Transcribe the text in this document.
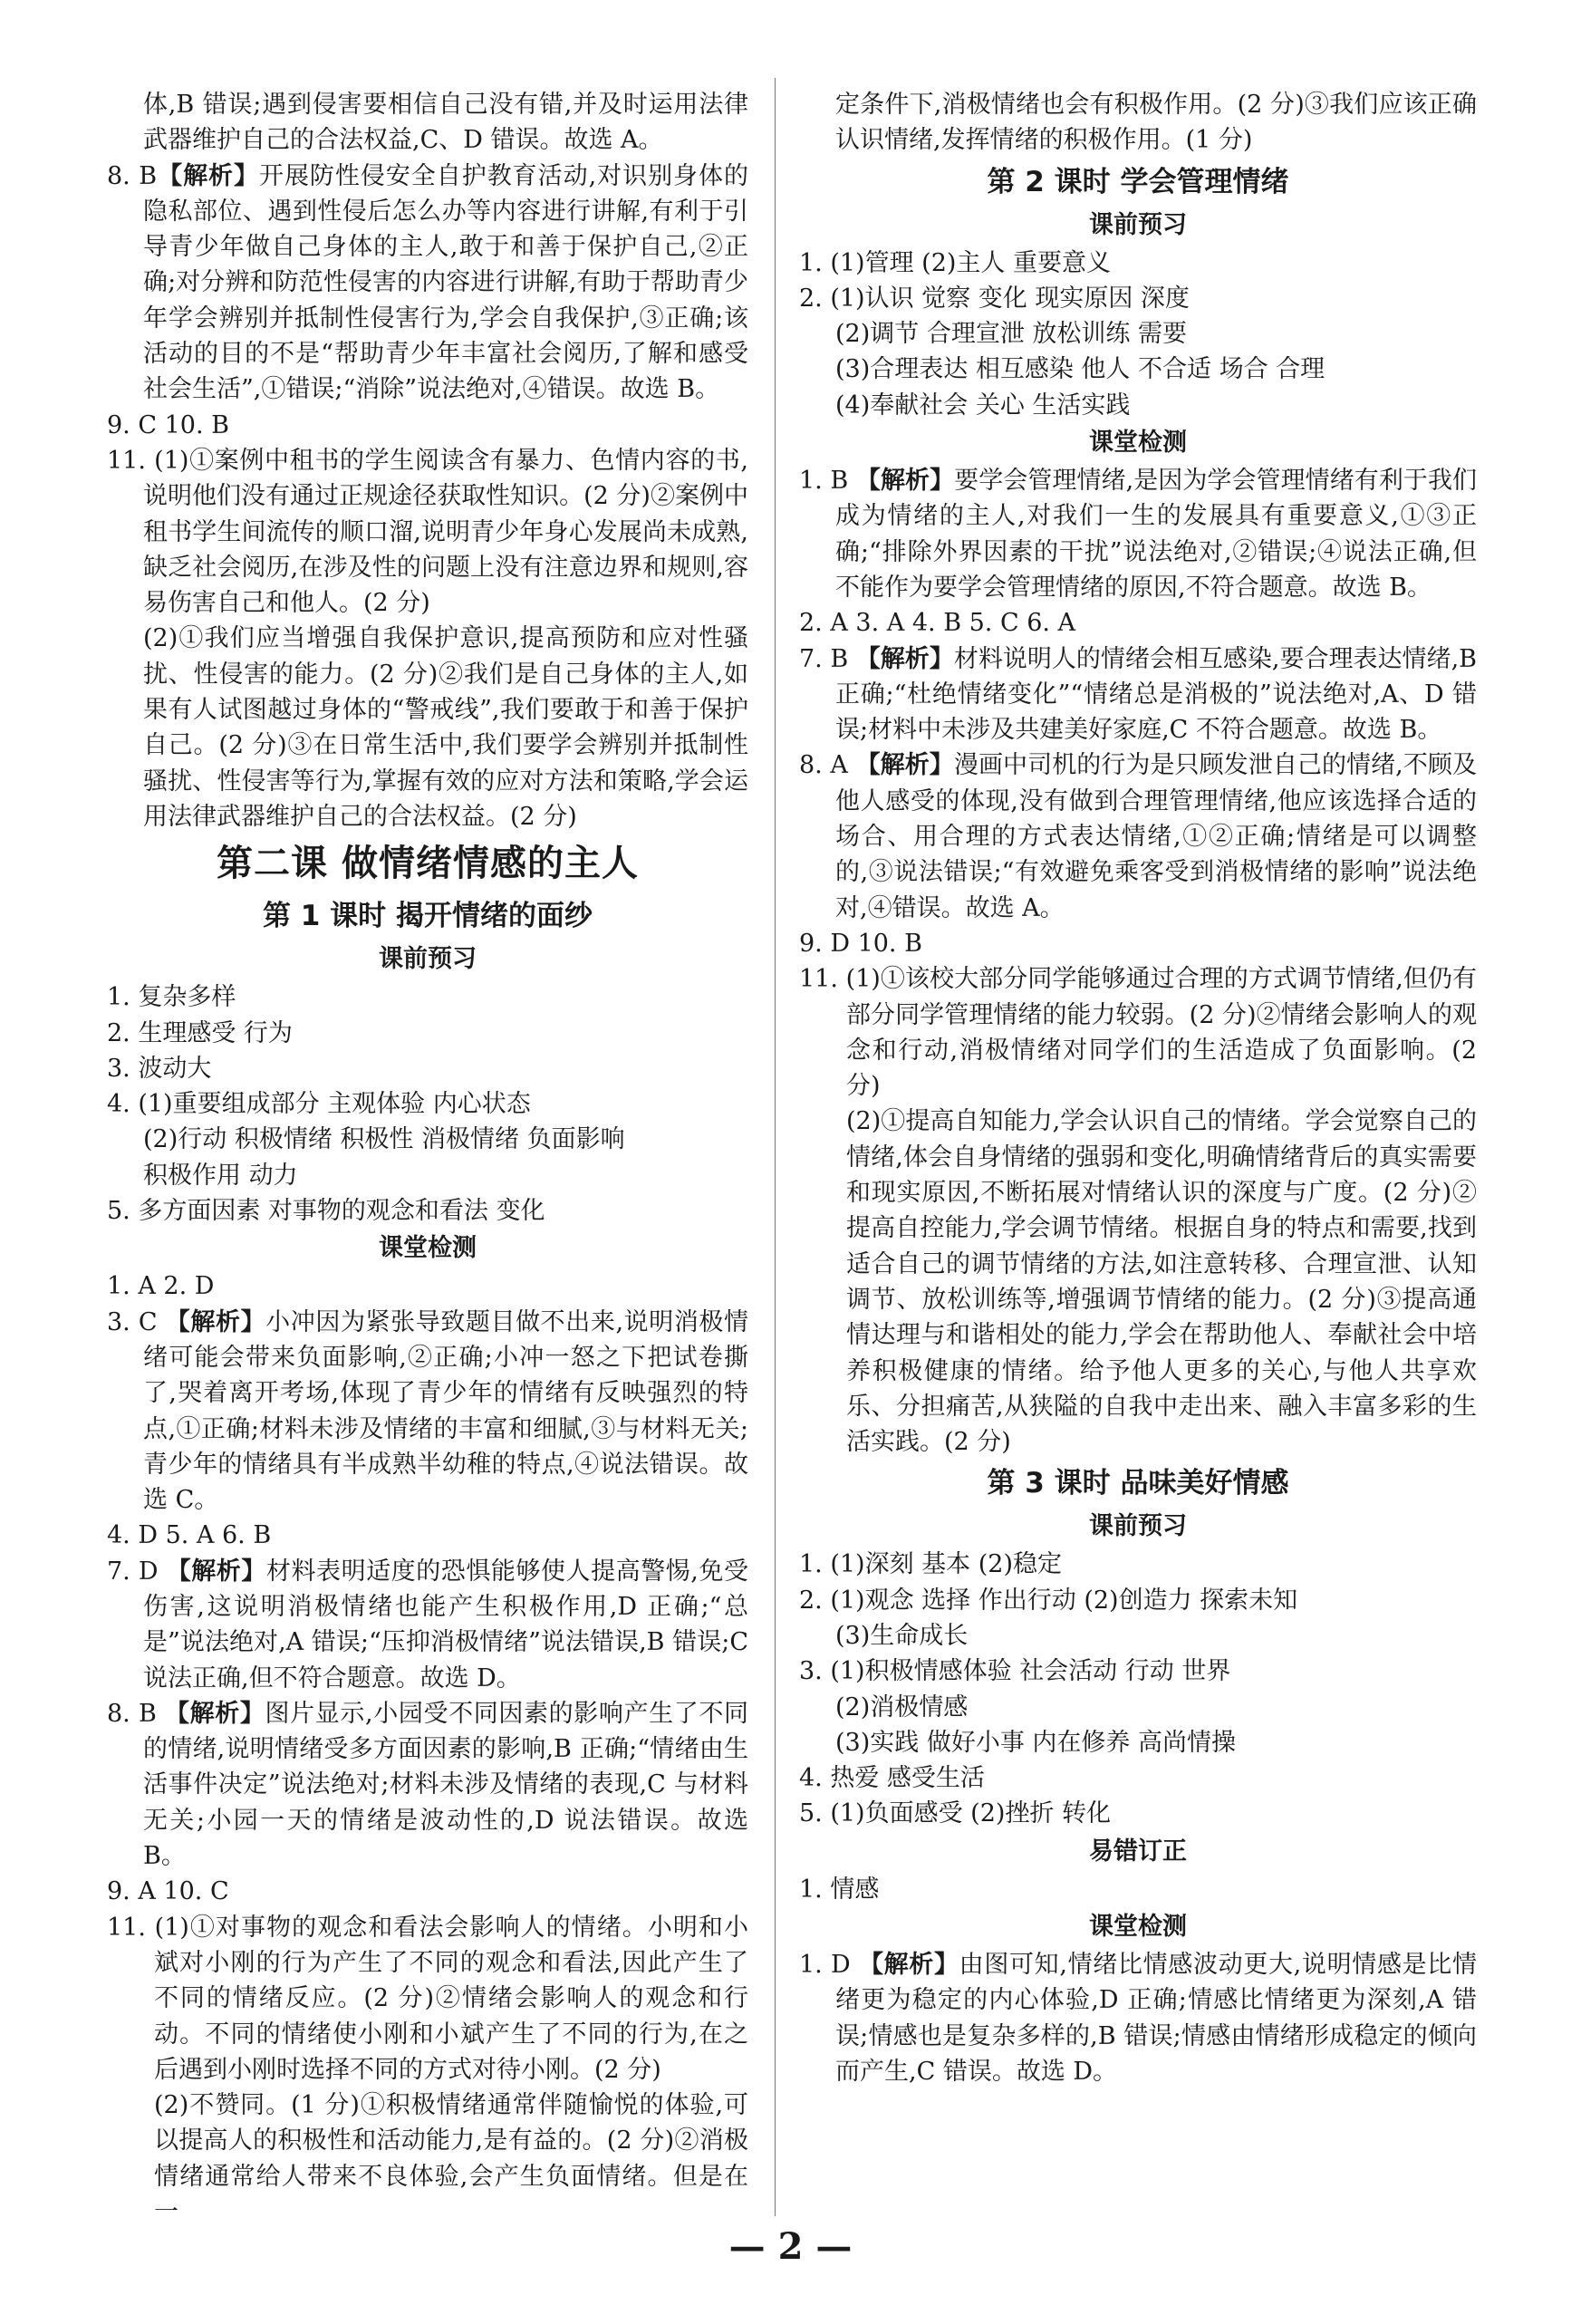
体,B 错误;遇到侵害要相信自己没有错,并及时运用法律武器维护自己的合法权益,C、D 错误。故选 A。
8. B【解析】开展防性侵安全自护教育活动,对识别身体的隐私部位、遇到性侵后怎么办等内容进行讲解,有利于引导青少年做自己身体的主人,敢于和善于保护自己,②正确;对分辨和防范性侵害的内容进行讲解,有助于帮助青少年学会辨别并抵制性侵害行为,学会自我保护,③正确;该活动的目的不是“帮助青少年丰富社会阅历,了解和感受社会生活”,①错误;“消除”说法绝对,④错误。故选 B。
9. C 10. B
11. (1)①案例中租书的学生阅读含有暴力、色情内容的书,说明他们没有通过正规途径获取性知识。(2 分)②案例中租书学生间流传的顺口溜,说明青少年身心发展尚未成熟,缺乏社会阅历,在涉及性的问题上没有注意边界和规则,容易伤害自己和他人。(2 分)
(2)①我们应当增强自我保护意识,提高预防和应对性骚扰、性侵害的能力。(2 分)②我们是自己身体的主人,如果有人试图越过身体的“警戒线”,我们要敢于和善于保护自己。(2 分)③在日常生活中,我们要学会辨别并抵制性骚扰、性侵害等行为,掌握有效的应对方法和策略,学会运用法律武器维护自己的合法权益。(2 分)
第二课 做情绪情感的主人
第 1 课时 揭开情绪的面纱
课前预习
1. 复杂多样
2. 生理感受 行为
3. 波动大
4. (1)重要组成部分 主观体验 内心状态
(2)行动 积极情绪 积极性 消极情绪 负面影响
积极作用 动力
5. 多方面因素 对事物的观念和看法 变化
课堂检测
1. A 2. D
3. C 【解析】小冲因为紧张导致题目做不出来,说明消极情绪可能会带来负面影响,②正确;小冲一怒之下把试卷撕了,哭着离开考场,体现了青少年的情绪有反映强烈的特点,①正确;材料未涉及情绪的丰富和细腻,③与材料无关;青少年的情绪具有半成熟半幼稚的特点,④说法错误。故选 C。
4. D 5. A 6. B
7. D 【解析】材料表明适度的恐惧能够使人提高警惕,免受伤害,这说明消极情绪也能产生积极作用,D 正确;“总是”说法绝对,A 错误;“压抑消极情绪”说法错误,B 错误;C 说法正确,但不符合题意。故选 D。
8. B 【解析】图片显示,小园受不同因素的影响产生了不同的情绪,说明情绪受多方面因素的影响,B 正确;“情绪由生活事件决定”说法绝对;材料未涉及情绪的表现,C 与材料无关;小园一天的情绪是波动性的,D 说法错误。故选 B。
9. A 10. C
11. (1)①对事物的观念和看法会影响人的情绪。小明和小斌对小刚的行为产生了不同的观念和看法,因此产生了不同的情绪反应。(2 分)②情绪会影响人的观念和行动。不同的情绪使小刚和小斌产生了不同的行为,在之后遇到小刚时选择不同的方式对待小刚。(2 分)
(2)不赞同。(1 分)①积极情绪通常伴随愉悦的体验,可以提高人的积极性和活动能力,是有益的。(2 分)②消极情绪通常给人带来不良体验,会产生负面情绪。但是在一
定条件下,消极情绪也会有积极作用。(2 分)③我们应该正确认识情绪,发挥情绪的积极作用。(1 分)
第 2 课时 学会管理情绪
课前预习
1. (1)管理 (2)主人 重要意义
2. (1)认识 觉察 变化 现实原因 深度
(2)调节 合理宣泄 放松训练 需要
(3)合理表达 相互感染 他人 不合适 场合 合理
(4)奉献社会 关心 生活实践
课堂检测
1. B 【解析】要学会管理情绪,是因为学会管理情绪有利于我们成为情绪的主人,对我们一生的发展具有重要意义,①③正确;“排除外界因素的干扰”说法绝对,②错误;④说法正确,但不能作为要学会管理情绪的原因,不符合题意。故选 B。
2. A 3. A 4. B 5. C 6. A
7. B 【解析】材料说明人的情绪会相互感染,要合理表达情绪,B 正确;“杜绝情绪变化”“情绪总是消极的”说法绝对,A、D 错误;材料中未涉及共建美好家庭,C 不符合题意。故选 B。
8. A 【解析】漫画中司机的行为是只顾发泄自己的情绪,不顾及他人感受的体现,没有做到合理管理情绪,他应该选择合适的场合、用合理的方式表达情绪,①②正确;情绪是可以调整的,③说法错误;“有效避免乘客受到消极情绪的影响”说法绝对,④错误。故选 A。
9. D 10. B
11. (1)①该校大部分同学能够通过合理的方式调节情绪,但仍有部分同学管理情绪的能力较弱。(2 分)②情绪会影响人的观念和行动,消极情绪对同学们的生活造成了负面影响。(2 分)
(2)①提高自知能力,学会认识自己的情绪。学会觉察自己的情绪,体会自身情绪的强弱和变化,明确情绪背后的真实需要和现实原因,不断拓展对情绪认识的深度与广度。(2 分)②提高自控能力,学会调节情绪。根据自身的特点和需要,找到适合自己的调节情绪的方法,如注意转移、合理宣泄、认知调节、放松训练等,增强调节情绪的能力。(2 分)③提高通情达理与和谐相处的能力,学会在帮助他人、奉献社会中培养积极健康的情绪。给予他人更多的关心,与他人共享欢乐、分担痛苦,从狭隘的自我中走出来、融入丰富多彩的生活实践。(2 分)
第 3 课时 品味美好情感
课前预习
1. (1)深刻 基本 (2)稳定
2. (1)观念 选择 作出行动 (2)创造力 探索未知
(3)生命成长
3. (1)积极情感体验 社会活动 行动 世界
(2)消极情感
(3)实践 做好小事 内在修养 高尚情操
4. 热爱 感受生活
5. (1)负面感受 (2)挫折 转化
易错订正
1. 情感
课堂检测
1. D 【解析】由图可知,情绪比情感波动更大,说明情感是比情绪更为稳定的内心体验,D 正确;情感比情绪更为深刻,A 错误;情感也是复杂多样的,B 错误;情感由情绪形成稳定的倾向而产生,C 错误。故选 D。
— 2 —
